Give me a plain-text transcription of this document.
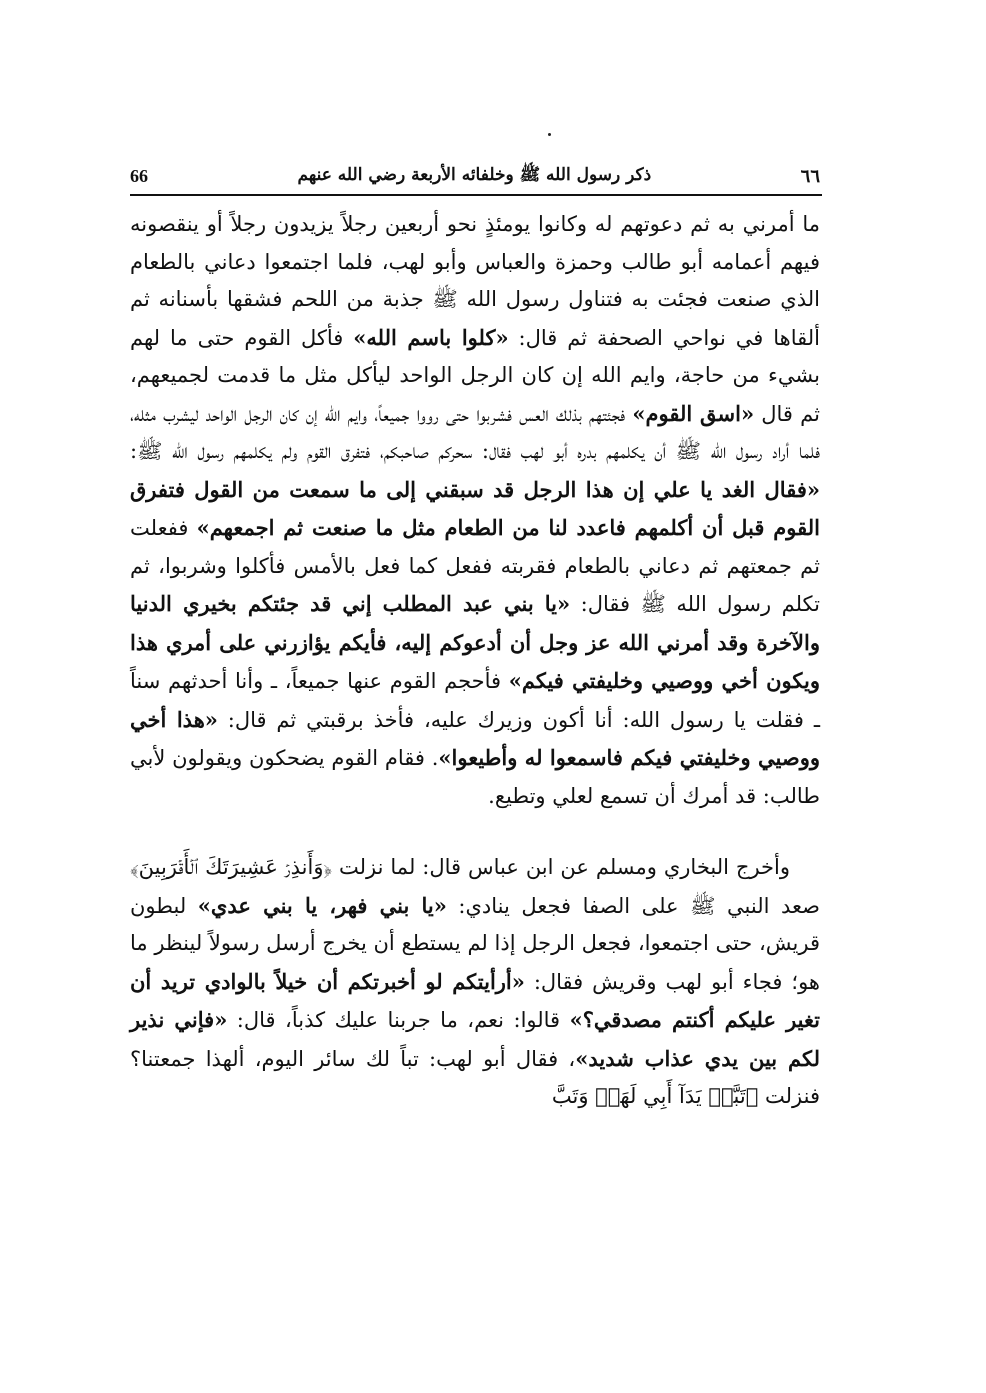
66	ذكر رسول الله ﷺ وخلفائه الأربعة رضي الله عنهم	٦٦

ما أمرني به ثم دعوتهم له وكانوا يومئذٍ نحو أربعين رجلاً يزيدون رجلاً أو ينقصونه فيهم أعمامه أبو طالب وحمزة والعباس وأبو لهب، فلما اجتمعوا دعاني بالطعام الذي صنعت فجئت به فتناول رسول الله ﷺ جذبة من اللحم فشقها بأسنانه ثم ألقاها في نواحي الصحفة ثم قال: «كلوا باسم الله» فأكل القوم حتى ما لهم بشيء من حاجة، وايم الله إن كان الرجل الواحد ليأكل مثل ما قدمت لجميعهم، ثم قال «اسق القوم» فجئتهم بذلك العس فشربوا حتى رووا جميعاً، وايم الله إن كان الرجل الواحد ليشرب مثله، فلما أراد رسول الله ﷺ أن يكلمهم بدره أبو لهب فقال: سحركم صاحبكم، فتفرق القوم ولم يكلمهم رسول الله ﷺ: «فقال الغد يا علي إن هذا الرجل قد سبقني إلى ما سمعت من القول فتفرق القوم قبل أن أكلمهم فاعدد لنا من الطعام مثل ما صنعت ثم اجمعهم» ففعلت ثم جمعتهم ثم دعاني بالطعام فقربته ففعل كما فعل بالأمس فأكلوا وشربوا، ثم تكلم رسول الله ﷺ فقال: «يا بني عبد المطلب إني قد جئتكم بخيري الدنيا والآخرة وقد أمرني الله عز وجل أن أدعوكم إليه، فأيكم يؤازرني على أمري هذا ويكون أخي ووصيي وخليفتي فيكم» فأحجم القوم عنها جميعاً، ـ وأنا أحدثهم سناً ـ فقلت يا رسول الله: أنا أكون وزيرك عليه، فأخذ برقبتي ثم قال: «هذا أخي ووصيي وخليفتي فيكم فاسمعوا له وأطيعوا». فقام القوم يضحكون ويقولون لأبي طالب: قد أمرك أن تسمع لعلي وتطيع.

وأخرج البخاري ومسلم عن ابن عباس قال: لما نزلت ﴿وَأَنذِرۡ عَشِيرَتَكَ ٱلۡأَقۡرَبِينَ﴾ صعد النبي ﷺ على الصفا فجعل ينادي: «يا بني فهر، يا بني عدي» لبطون قريش، حتى اجتمعوا، فجعل الرجل إذا لم يستطع أن يخرج أرسل رسولاً لينظر ما هو؛ فجاء أبو لهب وقريش فقال: «أرأيتكم لو أخبرتكم أن خيلاً بالوادي تريد أن تغير عليكم أكنتم مصدقي؟» قالوا: نعم، ما جربنا عليك كذباً، قال: «فإني نذير لكم بين يدي عذاب شديد»، فقال أبو لهب: تباً لك سائر اليوم، ألهذا جمعتنا؟ فنزلت ﴿تَبَّتۡ يَدَآ أَبِي لَهَبٖ وَتَبَّ
